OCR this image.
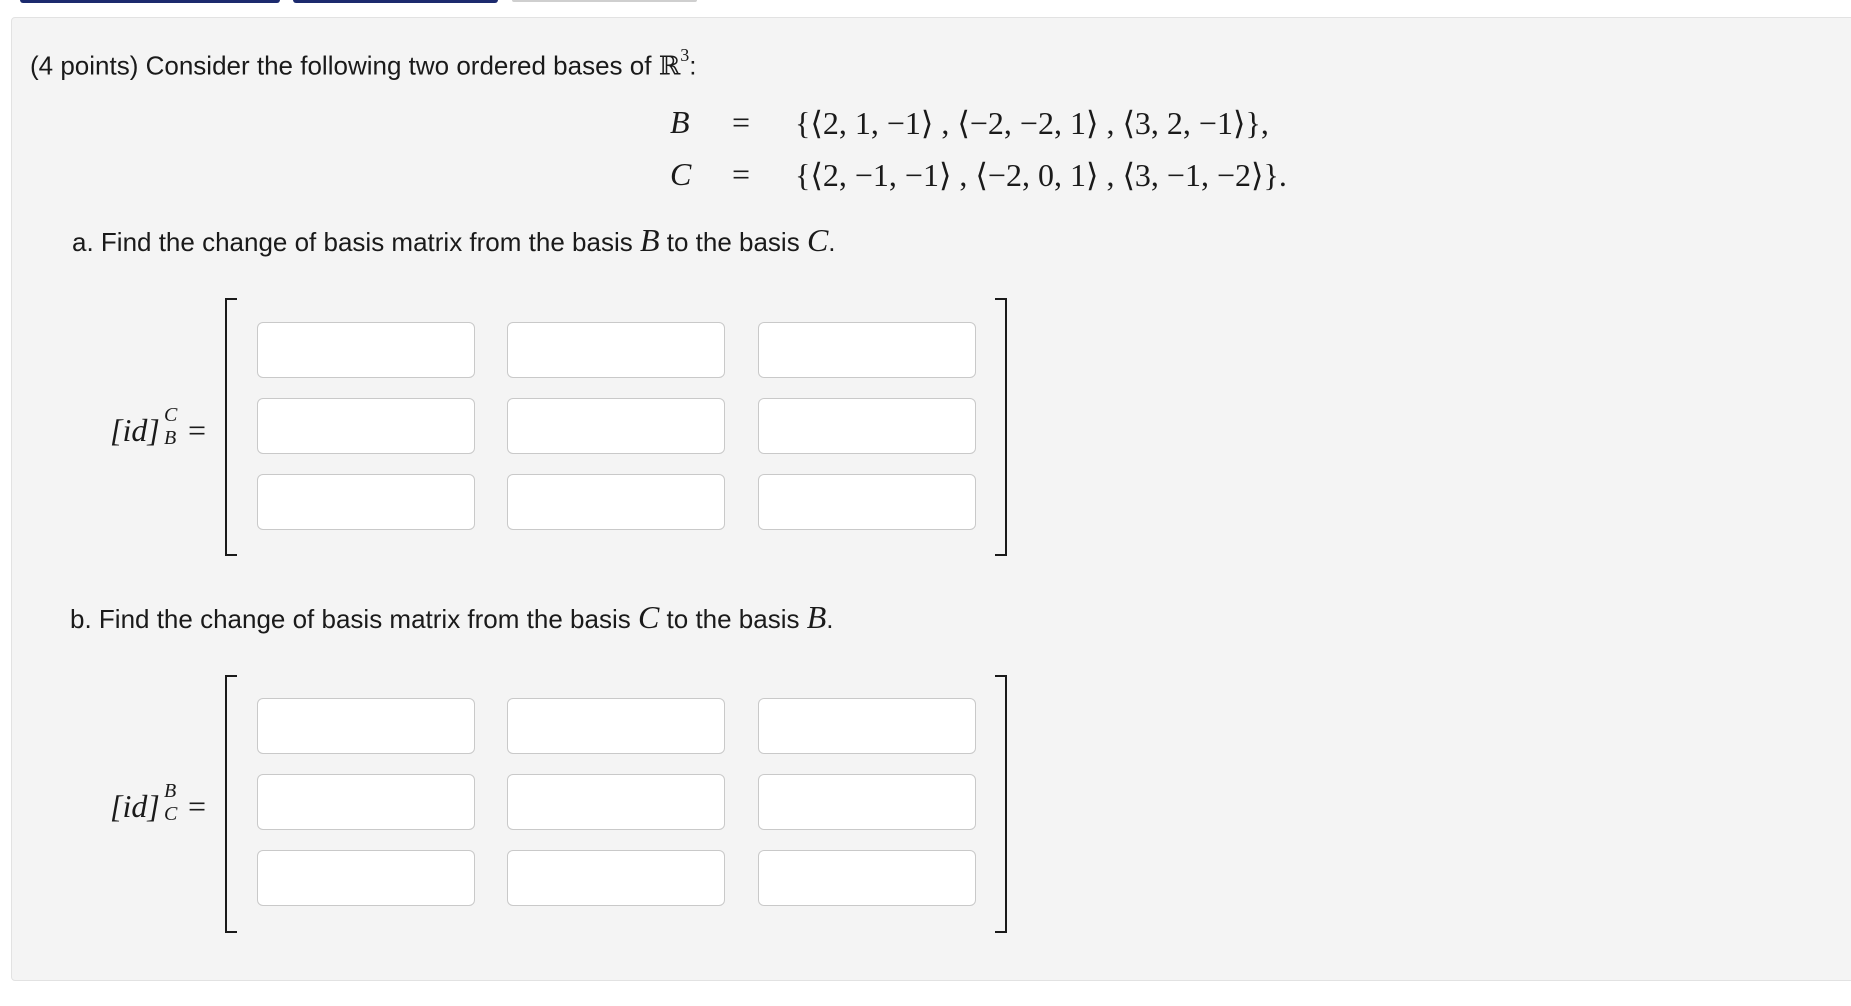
(4 points) Consider the following two ordered bases of ℝ$^3$:
B = {⟨2, 1, −1⟩ , ⟨−2, −2, 1⟩ , ⟨3, 2, −1⟩},
C = {⟨2, −1, −1⟩ , ⟨−2, 0, 1⟩ , ⟨3, −1, −2⟩}.
a. Find the change of basis matrix from the basis B to the basis C.
[id] C
B =
b. Find the change of basis matrix from the basis C to the basis B.
[id] B
C =
